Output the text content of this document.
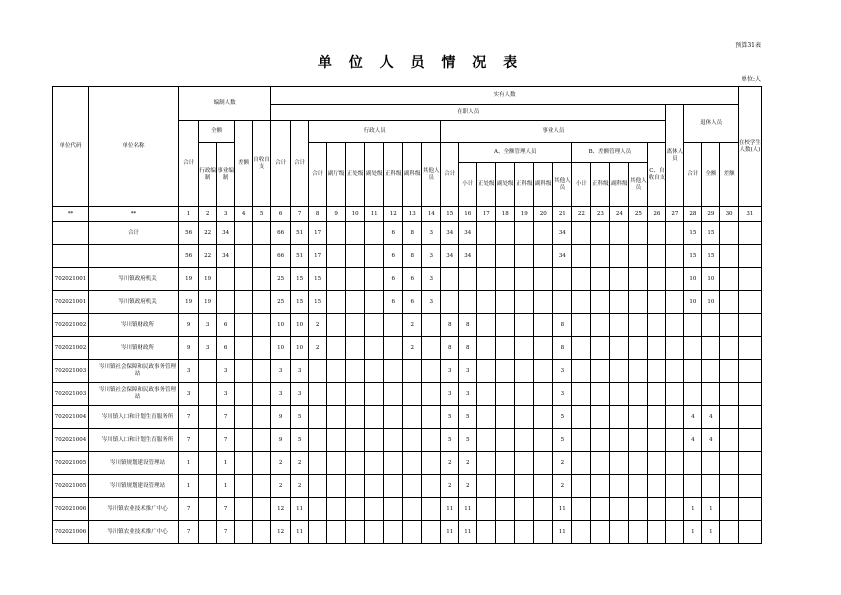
预算31表
单 位 人 员 情 况 表
单位:人
单位代码	单位名称	编制人数					实有人数																									在校学生人数(人)
							在职人员																					离休人员	退休人员			
		合计	全额		差额	自收自支	合计	合计	行政人员							事业人员																
			行政编制	事业编制					合计	副厅级	正处级	副处级	正科级	副科级	其他人员	合计	A、全额管理人员						B、差额管理人员				C、自收自支		合计	全额	差额	
																	小计	正处级	副处级	正科级	副科级	其他人员	小计	正科级	副科级	其他人员						

**	**	1	2	3	4	5	6	7	8	9	10	11	12	13	14	15	16	17	18	19	20	21	22	23	24	25	26	27	28	29	30	31
	合计	56	22	34			66	51	17				6	8	3	34	34					34							15	15		

	56	22	34			66	51	17				6	8	3	34	34					34							15	15		
702021001	岑川镇政府机关	19	19				25	15	15				6	6	3														10	10		
702021001	岑川镇政府机关	19	19				25	15	15				6	6	3														10	10		
702021002	岑川镇财政所	9	3	6			10	10	2					2		8	8					8										
702021002	岑川镇财政所	9	3	6			10	10	2					2		8	8					8										
702021003	岑川镇社会保障和民政事务管理站	3		3			3	3								3	3					3										
702021003	岑川镇社会保障和民政事务管理站	3		3			3	3								3	3					3										
702021004	岑川镇人口和计划生育服务所	7		7			9	5								5	5					5							4	4		
702021004	岑川镇人口和计划生育服务所	7		7			9	5								5	5					5							4	4		
702021005	岑川镇规划建设管理站	1		1			2	2								2	2					2										
702021005	岑川镇规划建设管理站	1		1			2	2								2	2					2										
702021006	岑川镇农业技术推广中心	7		7			12	11								11	11					11							1	1		
702021006	岑川镇农业技术推广中心	7		7			12	11								11	11					11							1	1		
